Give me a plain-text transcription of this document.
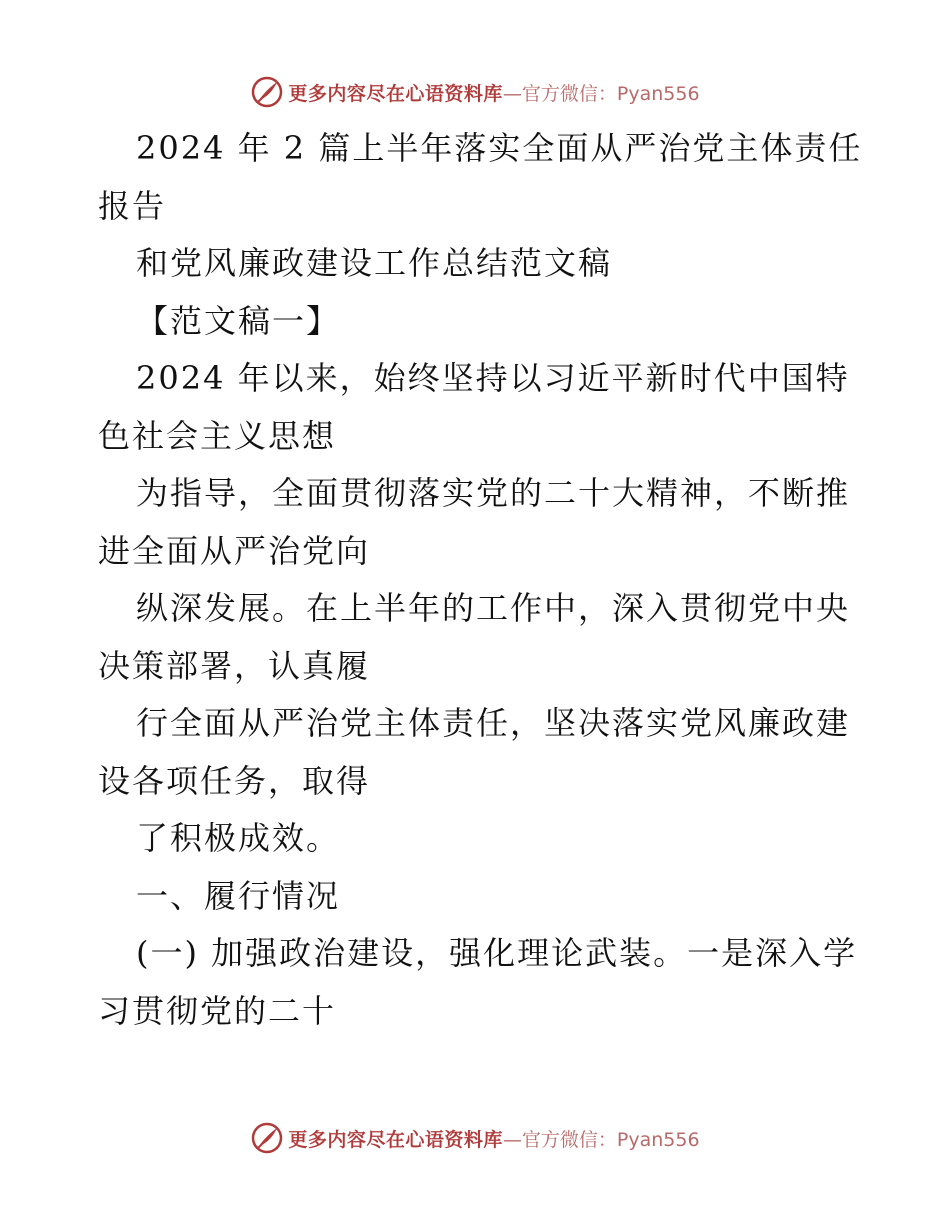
更多内容尽在心语资料库 —官方微信：Pyan556
2024 年 2 篇上半年落实全面从严治党主体责任
报告
和党风廉政建设工作总结范文稿
【范文稿一】
2024 年以来，始终坚持以习近平新时代中国特
色社会主义思想
为指导，全面贯彻落实党的二十大精神，不断推
进全面从严治党向
纵深发展。在上半年的工作中，深入贯彻党中央
决策部署，认真履
行全面从严治党主体责任，坚决落实党风廉政建
设各项任务，取得
了积极成效。
一、履行情况
(一) 加强政治建设，强化理论武装。一是深入学
习贯彻党的二十
更多内容尽在心语资料库 —官方微信：Pyan556
